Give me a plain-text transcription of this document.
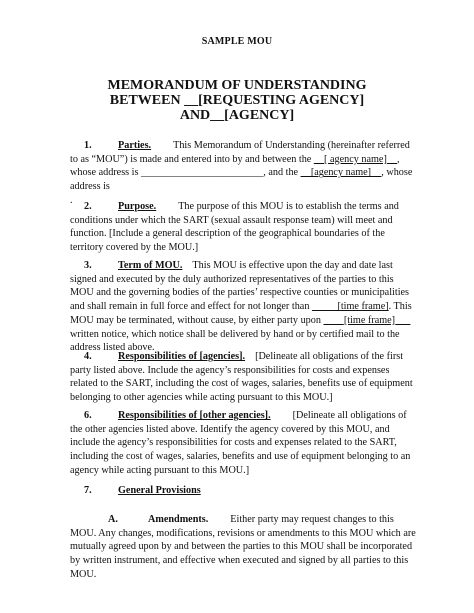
SAMPLE MOU
MEMORANDUM OF UNDERSTANDING
BETWEEN __[REQUESTING AGENCY]
AND__[AGENCY]
1.	Parties. This Memorandum of Understanding (hereinafter referred to as “MOU”) is made and entered into by and between the __[ agency name]__, whose address is ________________________, and the __[agency name]__, whose address is
.
2.	Purpose. The purpose of this MOU is to establish the terms and conditions under which the SART (sexual assault response team) will meet and function. [Include a general description of the geographical boundaries of the territory covered by the MOU.]
3.	Term of MOU. This MOU is effective upon the day and date last signed and executed by the duly authorized representatives of the parties to this MOU and the governing bodies of the parties’ respective counties or municipalities and shall remain in full force and effect for not longer than _____[time frame]. This MOU may be terminated, without cause, by either party upon ____[time frame]___ written notice, which notice shall be delivered by hand or by certified mail to the address listed above.
4.	Responsibilities of [agencies]. [Delineate all obligations of the first party listed above. Include the agency’s responsibilities for costs and expenses related to the SART, including the cost of wages, salaries, benefits use of equipment belonging to other agencies while acting pursuant to this MOU.]
6.	Responsibilities of [other agencies]. [Delineate all obligations of the other agencies listed above. Identify the agency covered by this MOU, and include the agency’s responsibilities for costs and expenses related to the SART, including the cost of wages, salaries, benefits and use of equipment belonging to an agency while acting pursuant to this MOU.]
7.	General Provisions
A.	Amendments. Either party may request changes to this MOU. Any changes, modifications, revisions or amendments to this MOU which are mutually agreed upon by and between the parties to this MOU shall be incorporated by written instrument, and effective when executed and signed by all parties to this MOU.
